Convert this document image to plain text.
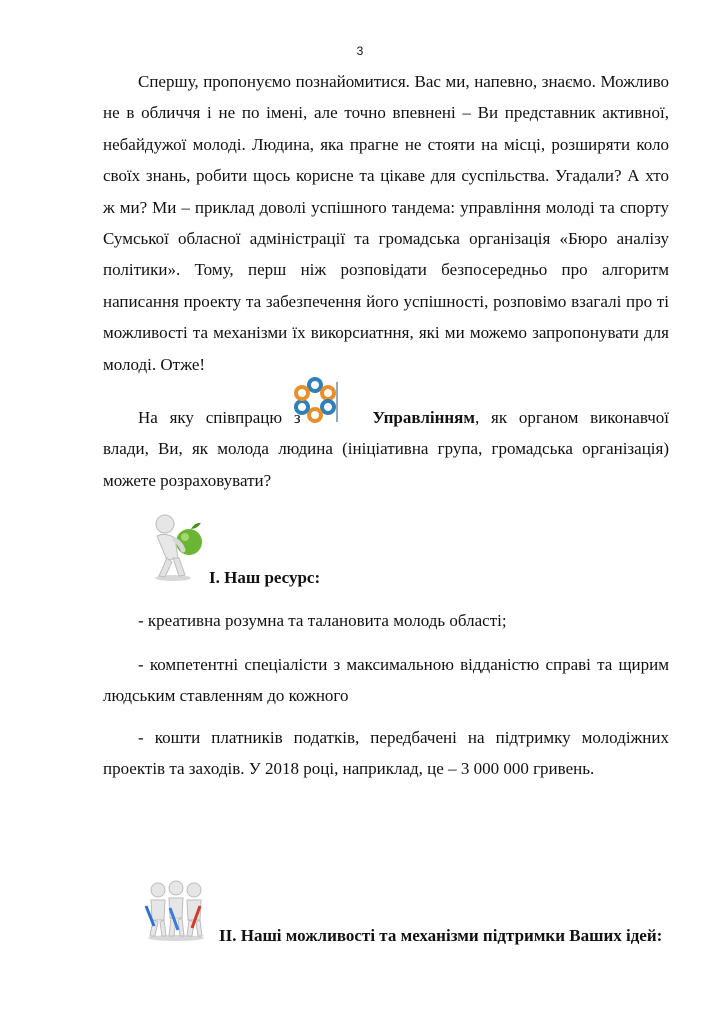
3

Спершу, пропонуємо познайомитися. Вас ми, напевно, знаємо. Можливо не в обличчя і не по імені, але точно впевнені – Ви представник активної, небайдужої молоді. Людина, яка прагне не стояти на місці, розширяти коло своїх знань, робити щось корисне та цікаве для суспільства. Угадали? А хто ж ми? Ми – приклад доволі успішного тандема: управління молоді та спорту Сумської обласної адміністрації та громадська організація «Бюро аналізу політики». Тому, перш ніж розповідати безпосередньо про алгоритм написання проекту та забезпечення його успішності, розповімо взагалі про ті можливості та механізми їх викорсиатння, які ми можемо запропонувати для молоді. Отже!

На яку співпрацю з	Управлінням, як органом виконавчої влади, Ви, як молода людина (ініціативна група, громадська організація) можете розраховувати?

І. Наш ресурс:

- креативна розумна та талановита молодь області;

- компетентні спеціалісти з максимальною відданістю справі та щирим людським ставленням до кожного

- кошти платників податків, передбачені на підтримку молодіжних проектів та заходів. У 2018 році, наприклад, це – 3 000 000 гривень.

ІІ. Наші можливості та механізми підтримки Ваших ідей:
